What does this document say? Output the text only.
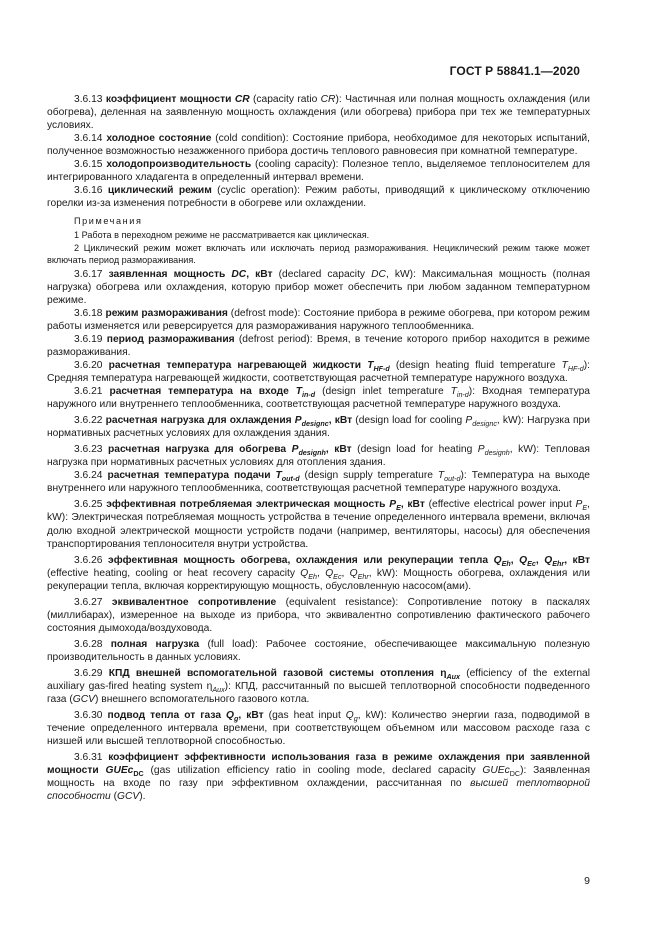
ГОСТ Р 58841.1—2020

3.6.13 коэффициент мощности CR (capacity ratio CR): Частичная или полная мощность охлаждения (или обогрева), деленная на заявленную мощность охлаждения (или обогрева) прибора при тех же температурных условиях.

3.6.14 холодное состояние (cold condition): Состояние прибора, необходимое для некоторых испытаний, полученное возможностью незажженного прибора достичь теплового равновесия при комнатной температуре.

3.6.15 холодопроизводительность (cooling capacity): Полезное тепло, выделяемое теплоносителем для интегрированного хладагента в определенный интервал времени.

3.6.16 циклический режим (cyclic operation): Режим работы, приводящий к циклическому отключению горелки из-за изменения потребности в обогреве или охлаждении.

Примечания

1 Работа в переходном режиме не рассматривается как циклическая.

2 Циклический режим может включать или исключать период размораживания. Нециклический режим также может включать период размораживания.

3.6.17 заявленная мощность DC, кВт (declared capacity DC, kW): Максимальная мощность (полная нагрузка) обогрева или охлаждения, которую прибор может обеспечить при любом заданном температурном режиме.

3.6.18 режим размораживания (defrost mode): Состояние прибора в режиме обогрева, при котором режим работы изменяется или реверсируется для размораживания наружного теплообменника.

3.6.19 период размораживания (defrost period): Время, в течение которого прибор находится в режиме размораживания.

3.6.20 расчетная температура нагревающей жидкости $T_{HF-d}$ (design heating fluid temperature $T_{HF-d}$): Средняя температура нагревающей жидкости, соответствующая расчетной температуре наружного воздуха.

3.6.21 расчетная температура на входе $T_{in-d}$ (design inlet temperature $T_{in-d}$): Входная температура наружного или внутреннего теплообменника, соответствующая расчетной температуре наружного воздуха.

3.6.22 расчетная нагрузка для охлаждения $P_{designc}$, кВт (design load for cooling $P_{designc}$, kW): Нагрузка при нормативных расчетных условиях для охлаждения здания.

3.6.23 расчетная нагрузка для обогрева $P_{designh}$, кВт (design load for heating $P_{designh}$, kW): Тепловая нагрузка при нормативных расчетных условиях для отопления здания.

3.6.24 расчетная температура подачи $T_{out-d}$ (design supply temperature $T_{out-d}$): Температура на выходе внутреннего или наружного теплообменника, соответствующая расчетной температуре наружного воздуха.

3.6.25 эффективная потребляемая электрическая мощность $P_E$, кВт (effective electrical power input $P_E$, kW): Электрическая потребляемая мощность устройства в течение определенного интервала времени, включая долю входной электрической мощности устройств подачи (например, вентиляторы, насосы) для обеспечения транспортирования теплоносителя внутри устройства.

3.6.26 эффективная мощность обогрева, охлаждения или рекуперации тепла $Q_{Eh}$, $Q_{Ec}$, $Q_{Ehr}$, кВт (effective heating, cooling or heat recovery capacity $Q_{Eh}$, $Q_{Ec}$, $Q_{Ehr}$, kW): Мощность обогрева, охлаждения или рекуперации тепла, включая корректирующую мощность, обусловленную насосом(ами).

3.6.27 эквивалентное сопротивление (equivalent resistance): Сопротивление потоку в паскалях (миллибарах), измеренное на выходе из прибора, что эквивалентно сопротивлению фактического рабочего состояния дымохода/воздуховода.

3.6.28 полная нагрузка (full load): Рабочее состояние, обеспечивающее максимальную полезную производительность в данных условиях.

3.6.29 КПД внешней вспомогательной газовой системы отопления $\eta_{Aux}$ (efficiency of the external auxiliary gas-fired heating system $\eta_{Aux}$): КПД, рассчитанный по высшей теплотворной способности подведенного газа (GCV) внешнего вспомогательного газового котла.

3.6.30 подвод тепла от газа $Q_g$, кВт (gas heat input $Q_g$, kW): Количество энергии газа, подводимой в течение определенного интервала времени, при соответствующем объемном или массовом расходе газа с низшей или высшей теплотворной способностью.

3.6.31 коэффициент эффективности использования газа в режиме охлаждения при заявленной мощности GUEc$_{DC}$ (gas utilization efficiency ratio in cooling mode, declared capacity GUEc$_{DC}$): Заявленная мощность на входе по газу при эффективном охлаждении, рассчитанная по высшей теплотворной способности (GCV).

9
